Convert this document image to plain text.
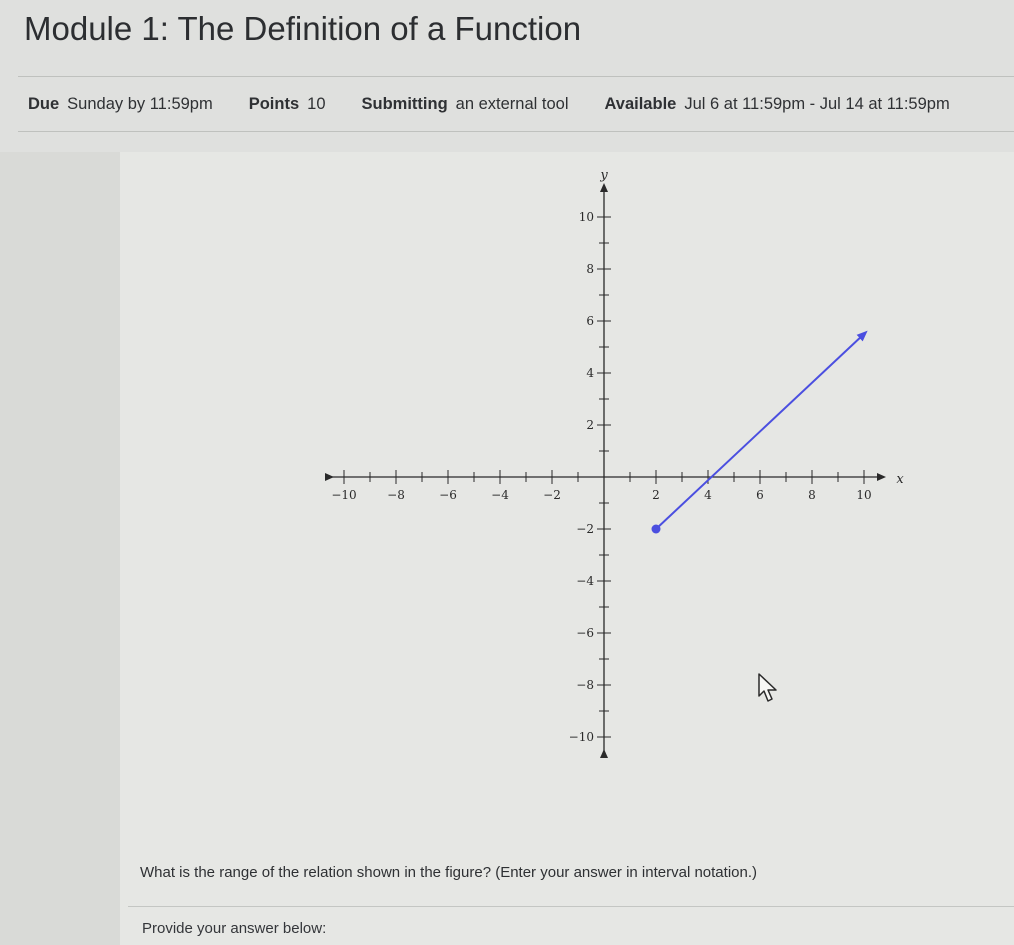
Module 1: The Definition of a Function
Due Sunday by 11:59pm Points 10 Submitting an external tool Available Jul 6 at 11:59pm - Jul 14 at 11:59pm
−10	−8	−6	−4	−2	2	4	6	8	10
10
8
6
4
2
−2
−4
−6
−8
−10
x
y
What is the range of the relation shown in the figure? (Enter your answer in interval notation.)
Provide your answer below:
